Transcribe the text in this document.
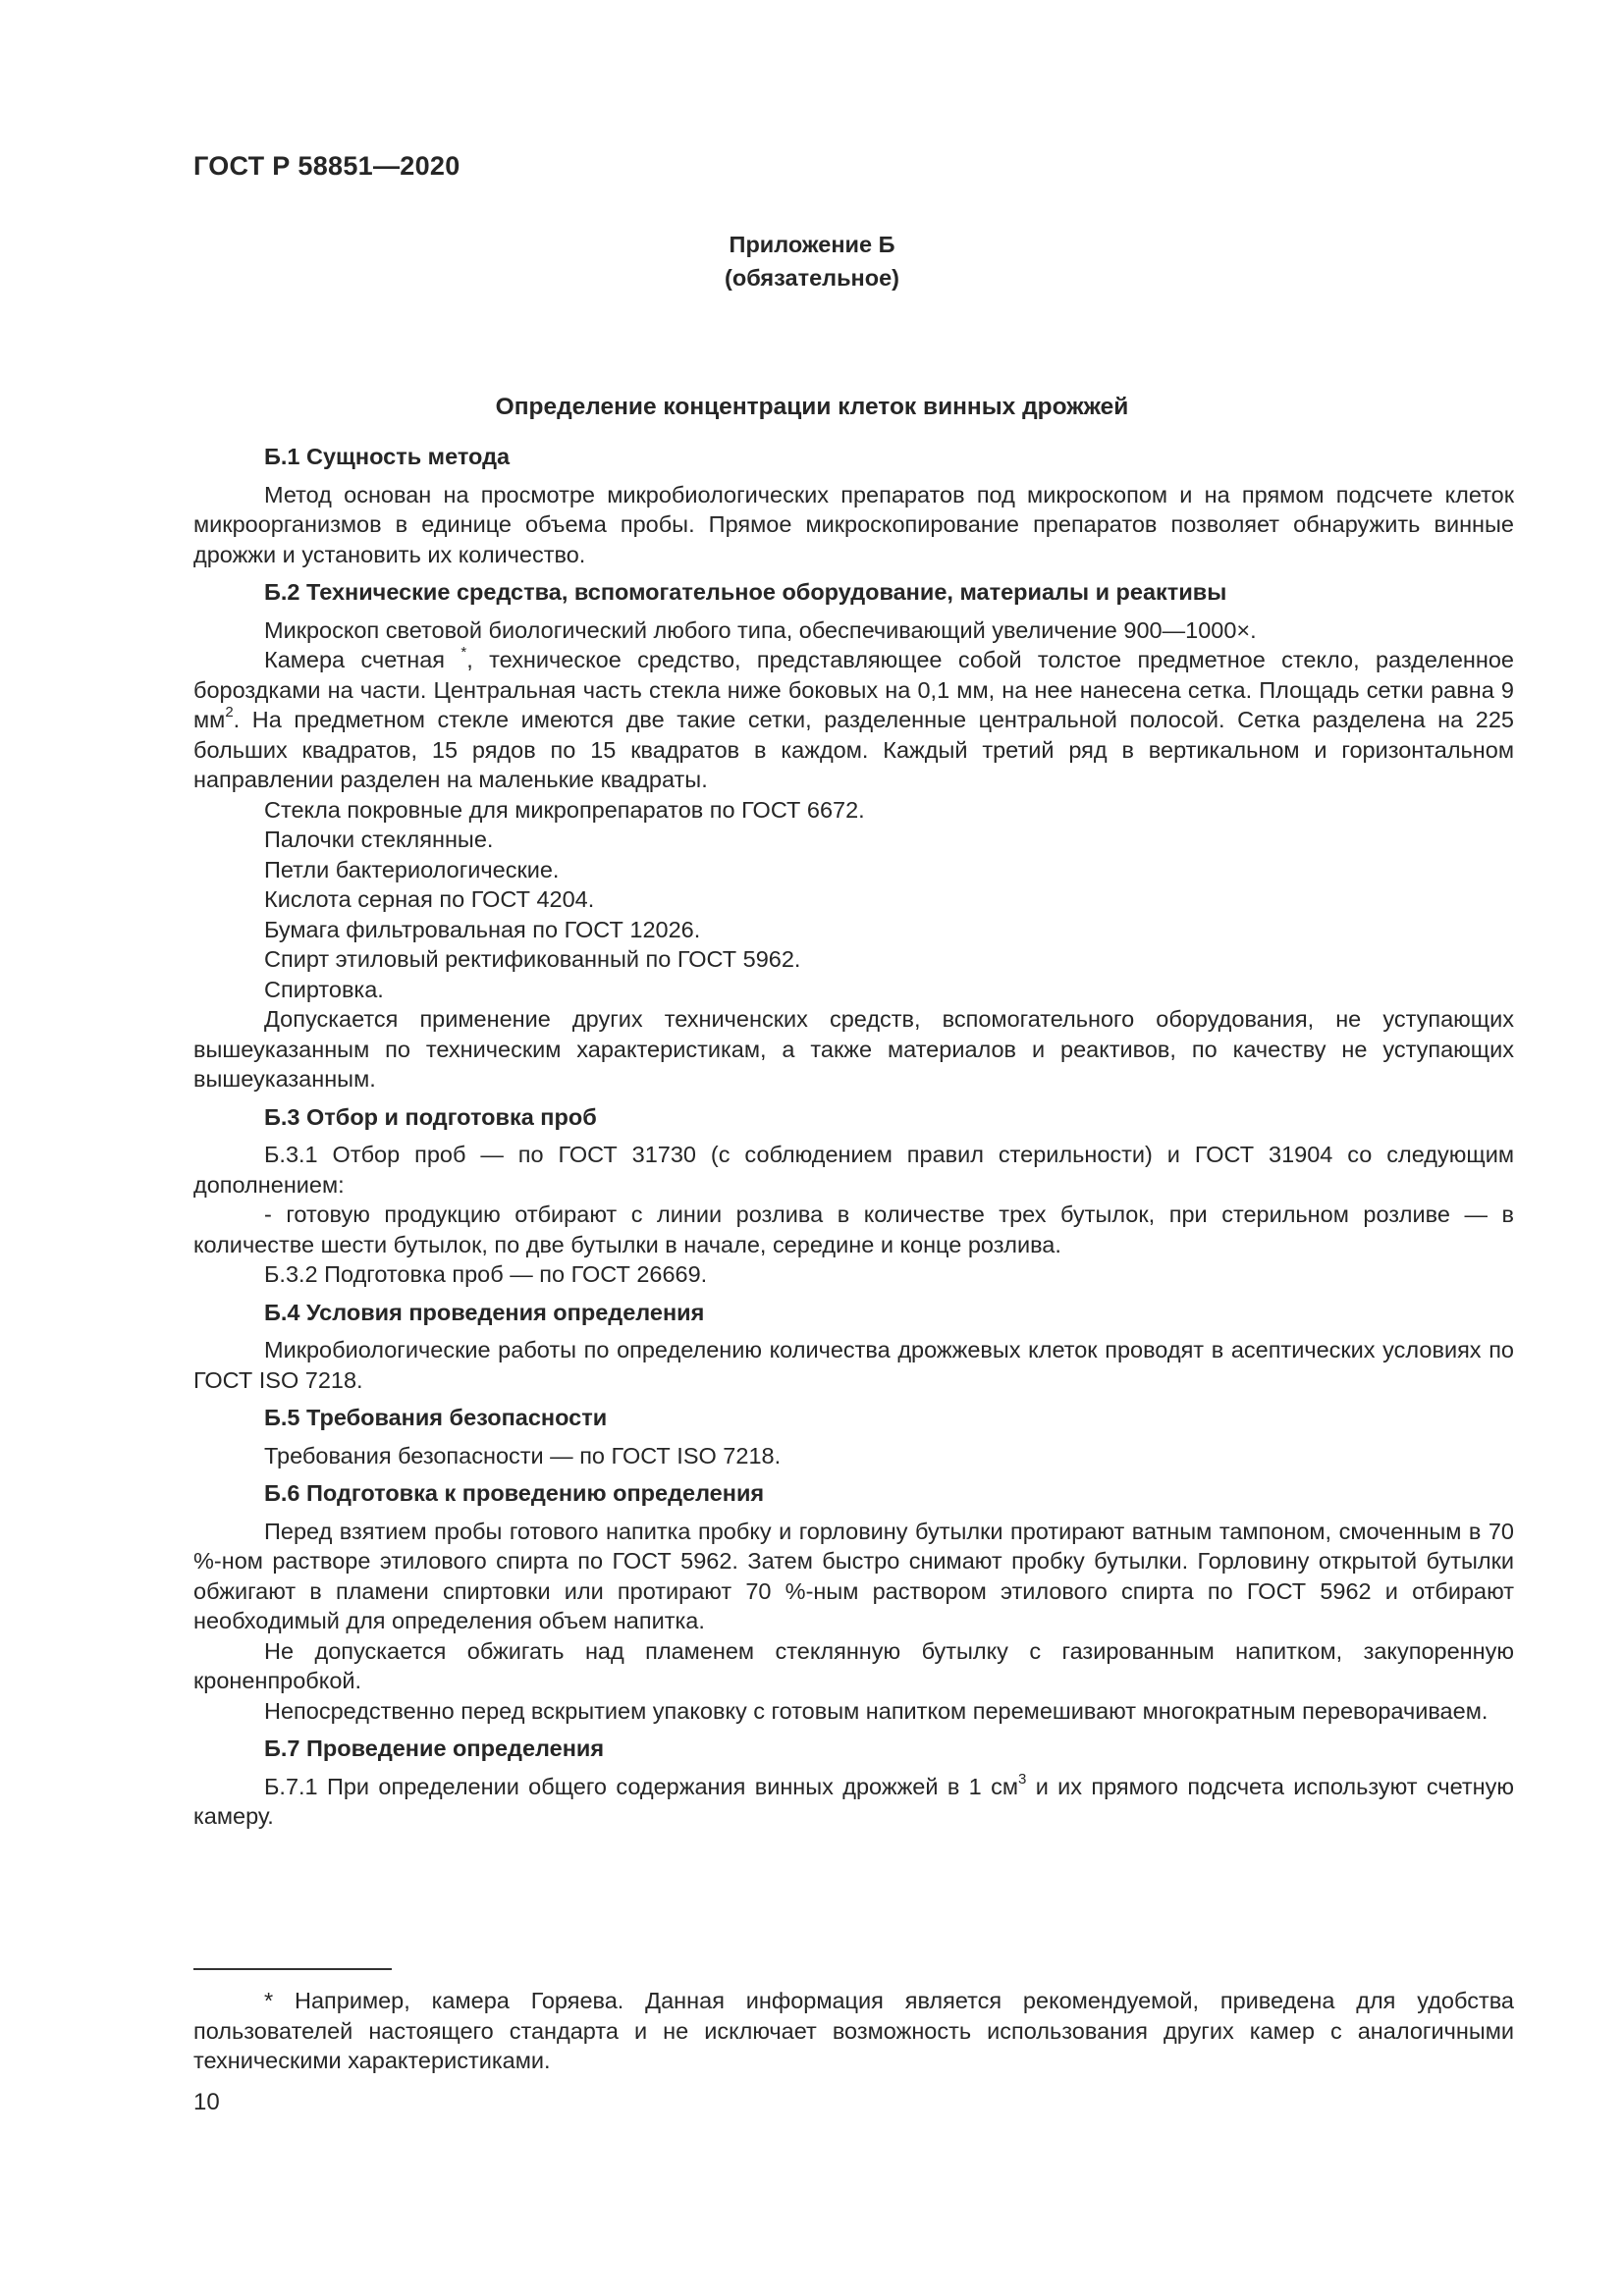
ГОСТ Р 58851—2020
Приложение Б
(обязательное)
Определение концентрации клеток винных дрожжей
Б.1 Сущность метода

Метод основан на просмотре микробиологических препаратов под микроскопом и на прямом подсчете клеток микроорганизмов в единице объема пробы. Прямое микроскопирование препаратов позволяет обнаружить винные дрожжи и установить их количество.

Б.2 Технические средства, вспомогательное оборудование, материалы и реактивы

Микроскоп световой биологический любого типа, обеспечивающий увеличение 900—1000×.

Камера счетная *, техническое средство, представляющее собой толстое предметное стекло, разделенное бороздками на части. Центральная часть стекла ниже боковых на 0,1 мм, на нее нанесена сетка. Площадь сетки равна 9 $мм^2$. На предметном стекле имеются две такие сетки, разделенные центральной полосой. Сетка разделена на 225 больших квадратов, 15 рядов по 15 квадратов в каждом. Каждый третий ряд в вертикальном и горизонтальном направлении разделен на маленькие квадраты.

Стекла покровные для микропрепаратов по ГОСТ 6672.

Палочки стеклянные.

Петли бактериологические.

Кислота серная по ГОСТ 4204.

Бумага фильтровальная по ГОСТ 12026.

Спирт этиловый ректификованный по ГОСТ 5962.

Спиртовка.

Допускается применение других техниченских средств, вспомогательного оборудования, не уступающих вышеуказанным по техническим характеристикам, а также материалов и реактивов, по качеству не уступающих вышеуказанным.

Б.3 Отбор и подготовка проб

Б.3.1 Отбор проб — по ГОСТ 31730 (с соблюдением правил стерильности) и ГОСТ 31904 со следующим дополнением:

- готовую продукцию отбирают с линии розлива в количестве трех бутылок, при стерильном розливе — в количестве шести бутылок, по две бутылки в начале, середине и конце розлива.

Б.3.2 Подготовка проб — по ГОСТ 26669.

Б.4 Условия проведения определения

Микробиологические работы по определению количества дрожжевых клеток проводят в асептических условиях по ГОСТ ISO 7218.

Б.5 Требования безопасности

Требования безопасности — по ГОСТ ISO 7218.

Б.6 Подготовка к проведению определения

Перед взятием пробы готового напитка пробку и горловину бутылки протирают ватным тампоном, смоченным в 70 %-ном растворе этилового спирта по ГОСТ 5962. Затем быстро снимают пробку бутылки. Горловину открытой бутылки обжигают в пламени спиртовки или протирают 70 %-ным раствором этилового спирта по ГОСТ 5962 и отбирают необходимый для определения объем напитка.

Не допускается обжигать над пламенем стеклянную бутылку с газированным напитком, закупоренную кроненпробкой.

Непосредственно перед вскрытием упаковку с готовым напитком перемешивают многократным переворачиваем.

Б.7 Проведение определения

Б.7.1 При определении общего содержания винных дрожжей в 1 $см^3$ и их прямого подсчета используют счетную камеру.

* Например, камера Горяева. Данная информация является рекомендуемой, приведена для удобства пользователей настоящего стандарта и не исключает возможность использования других камер с аналогичными техническими характеристиками.

10
